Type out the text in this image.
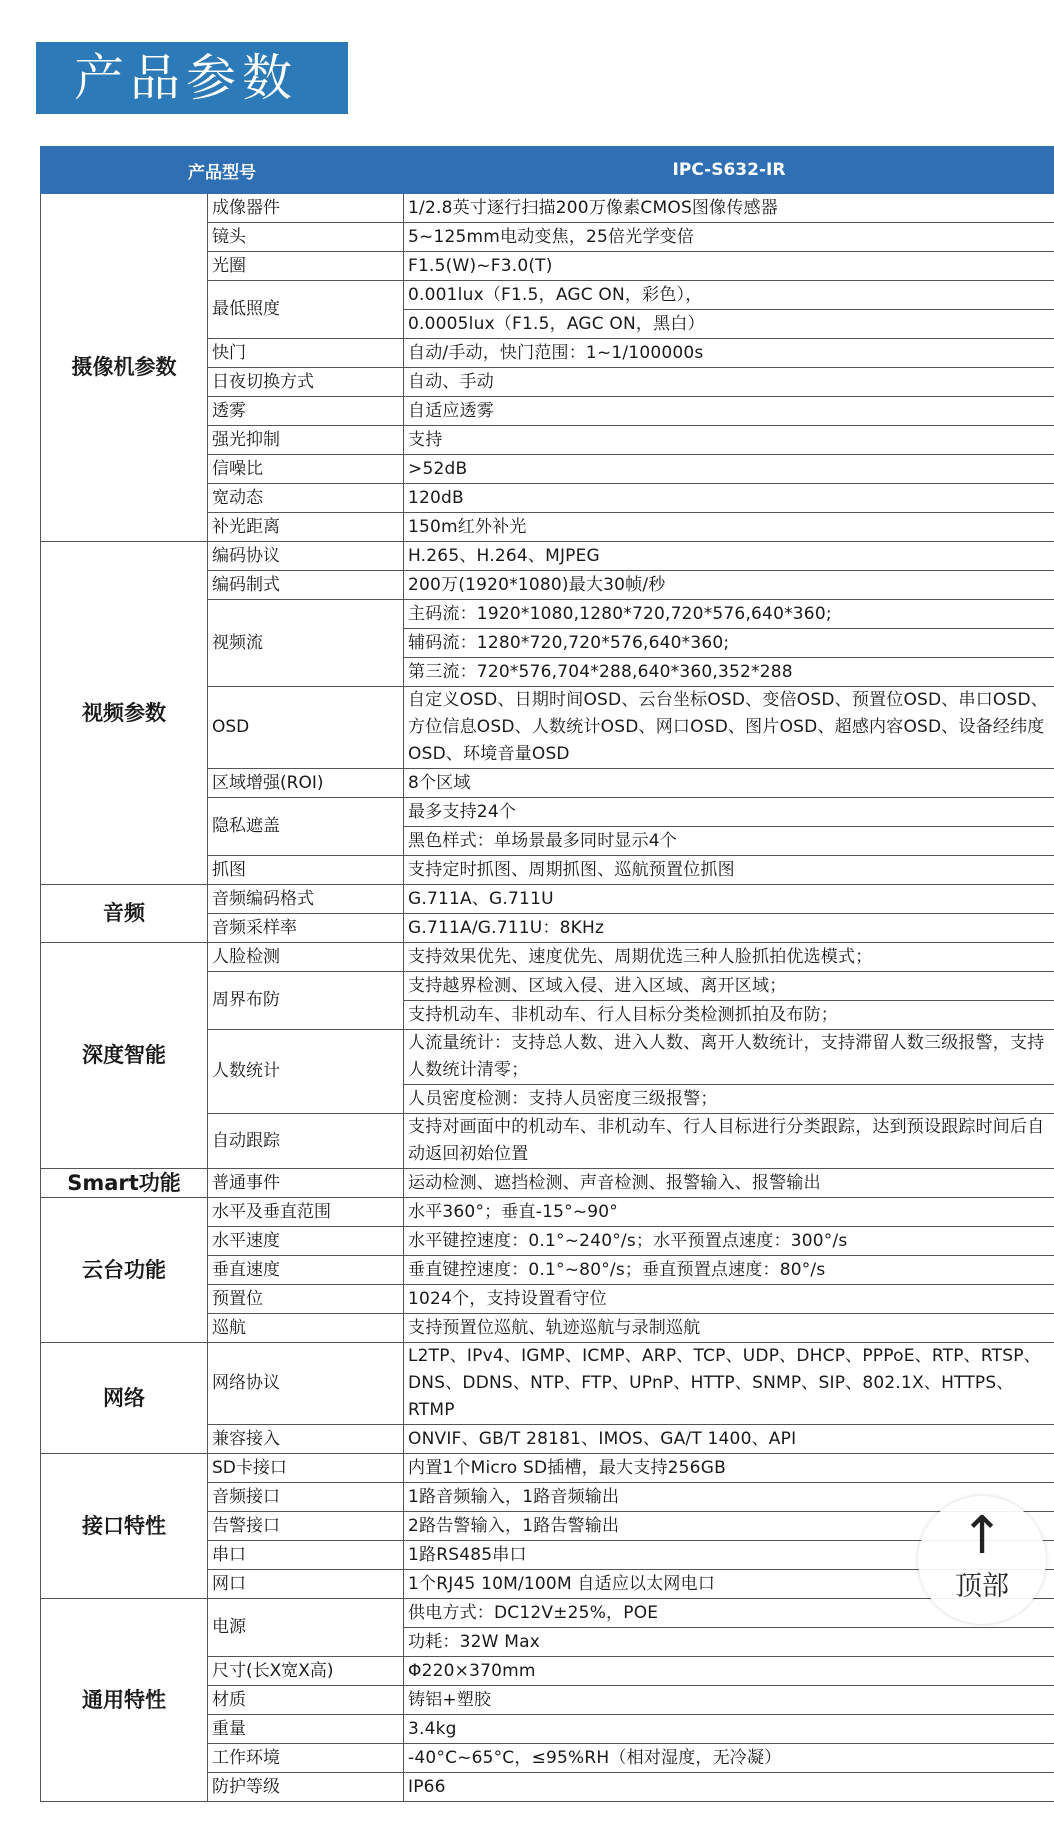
产品参数
产品型号		IPC-S632-IR
摄像机参数	成像器件	1/2.8英寸逐行扫描200万像素CMOS图像传感器
	镜头	5~125mm电动变焦，25倍光学变倍
	光圈	F1.5(W)~F3.0(T)
	最低照度	0.001lux（F1.5，AGC ON，彩色），
		0.0005lux（F1.5，AGC ON，黑白）
	快门	自动/手动，快门范围：1~1/100000s
	日夜切换方式	自动、手动
	透雾	自适应透雾
	强光抑制	支持
	信噪比	>52dB
	宽动态	120dB
	补光距离	150m红外补光
视频参数	编码协议	H.265、H.264、MJPEG
	编码制式	200万(1920*1080)最大30帧/秒
	视频流	主码流：1920*1080,1280*720,720*576,640*360;
		辅码流：1280*720,720*576,640*360;
		第三流：720*576,704*288,640*360,352*288
	OSD	自定义OSD、日期时间OSD、云台坐标OSD、变倍OSD、预置位OSD、串口OSD、方位信息OSD、人数统计OSD、网口OSD、图片OSD、超感内容OSD、设备经纬度OSD、环境音量OSD
	区域增强(ROI)	8个区域
	隐私遮盖	最多支持24个
		黑色样式：单场景最多同时显示4个
	抓图	支持定时抓图、周期抓图、巡航预置位抓图
音频	音频编码格式	G.711A、G.711U
	音频采样率	G.711A/G.711U：8KHz
深度智能	人脸检测	支持效果优先、速度优先、周期优选三种人脸抓拍优选模式；
	周界布防	支持越界检测、区域入侵、进入区域、离开区域；
		支持机动车、非机动车、行人目标分类检测抓拍及布防；
	人数统计	人流量统计：支持总人数、进入人数、离开人数统计，支持滞留人数三级报警，支持人数统计清零；
		人员密度检测：支持人员密度三级报警；
	自动跟踪	支持对画面中的机动车、非机动车、行人目标进行分类跟踪，达到预设跟踪时间后自动返回初始位置
Smart功能	普通事件	运动检测、遮挡检测、声音检测、报警输入、报警输出
云台功能	水平及垂直范围	水平360°；垂直-15°~90°
	水平速度	水平键控速度：0.1°~240°/s；水平预置点速度：300°/s
	垂直速度	垂直键控速度：0.1°~80°/s；垂直预置点速度：80°/s
	预置位	1024个，支持设置看守位
	巡航	支持预置位巡航、轨迹巡航与录制巡航
网络	网络协议	L2TP、IPv4、IGMP、ICMP、ARP、TCP、UDP、DHCP、PPPoE、RTP、RTSP、DNS、DDNS、NTP、FTP、UPnP、HTTP、SNMP、SIP、802.1X、HTTPS、RTMP
	兼容接入	ONVIF、GB/T 28181、IMOS、GA/T 1400、API
接口特性	SD卡接口	内置1个Micro SD插槽，最大支持256GB
	音频接口	1路音频输入，1路音频输出
	告警接口	2路告警输入，1路告警输出
	串口	1路RS485串口
	网口	1个RJ45 10M/100M 自适应以太网电口
通用特性	电源	供电方式：DC12V±25%，POE
		功耗：32W Max
	尺寸(长X宽X高)	Φ220×370mm
	材质	铸铝+塑胶
	重量	3.4kg
	工作环境	-40°C~65°C，≤95%RH（相对湿度，无冷凝）
	防护等级	IP66
↑
顶部
